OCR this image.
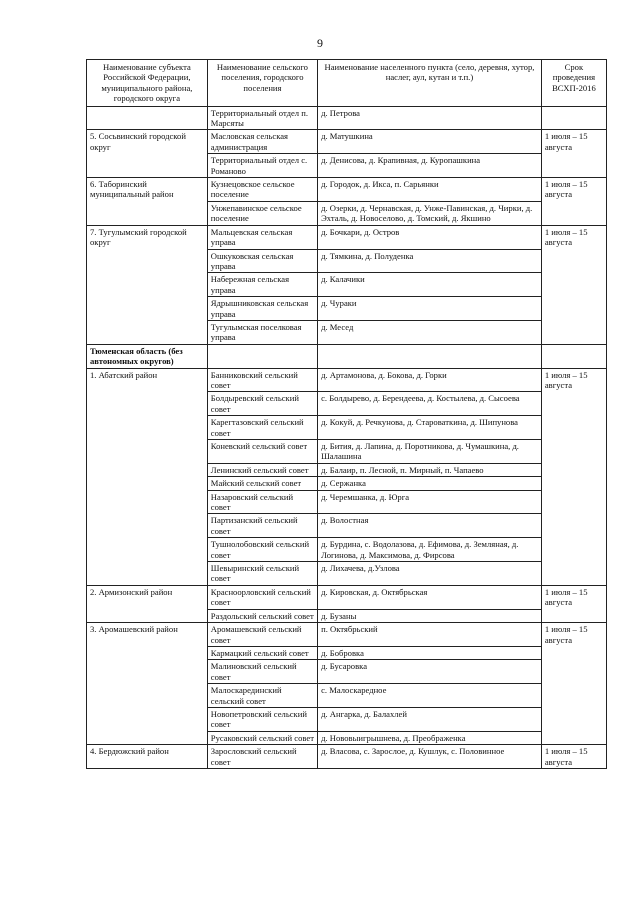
9
Наименование субъекта Российской Федерации, муниципального района, городского округа	Наименование сельского поселения, городского поселения	Наименование населенного пункта (село, деревня, хутор, наслег, аул, кутан и т.п.)	Срок проведения ВСХП-2016
	Территориальный отдел п. Марсяты	д. Петрова	
5. Сосьвинский городской округ	Масловская сельская администрация	д. Матушкина	1 июля – 15 августа
	Территориальный отдел с. Романово	д. Денисова, д. Крапивная, д. Куропашкина	
6. Таборинский муниципальный район	Кузнецовское сельское поселение	д. Городок, д. Икса, п. Сарьянки	1 июля – 15 августа
	Унжепавинское сельское поселение	д. Озерки, д. Чернавская, д. Унже-Павинская, д. Чирки, д. Эхталь, д. Новоселово, д. Томский, д. Якшино	
7. Тугулымский городской округ	Мальцевская сельская управа	д. Бочкари, д. Остров	1 июля – 15 августа
	Ошкуковская сельская управа	д. Тямкина, д. Полуденка	
	Набережная сельская управа	д. Калачики	
	Ядрышниковская сельская управа	д. Чураки	
	Тугулымская поселковая управа	д. Месед	
Тюменская область (без автономных округов)			
1. Абатский район	Банниковский сельский совет	д. Артамонова, д. Бокова, д. Горки	1 июля – 15 августа
	Болдыревский сельский совет	с. Болдырево, д. Берендеева, д. Костылева, д. Сысоева	
	Карегтазовский сельский совет	д. Кокуй, д. Речкунова, д. Староваткина, д. Шипунова	
	Коневский сельский совет	д. Бития, д. Лапина, д. Поротникова, д. Чумашкина, д. Шалашина	
	Ленинский сельский совет	д. Балаир, п. Лесной, п. Мирный, п. Чапаево	
	Майский сельский совет	д. Сержанка	
	Назаровский сельский совет	д. Черемшанка, д. Юрга	
	Партизанский сельский совет	д. Волостная	
	Тушнолобовский сельский совет	д. Бурдина, с. Водолазова, д. Ефимова, д. Земляная, д. Логинова, д. Максимова, д. Фирсова	
	Шевыринский сельский совет	д. Лихачева, д.Узлова	
2. Армизонский район	Красноорловский сельский совет	д. Кировская, д. Октябрьская	1 июля – 15 августа
	Раздольский сельский совет	д. Бузаны	
3. Аромашевский район	Аромашевский сельский совет	п. Октябрьский	1 июля – 15 августа
	Кармацкий сельский совет	д. Бобровка	
	Малиновский сельский совет	д. Бусаровка	
	Малоскарединский сельский совет	с. Малоскаредное	
	Новопетровский сельский совет	д. Ангарка, д. Балахлей	
	Русаковский сельский совет	д. Нововыигрышнева, д. Преображенка	
4. Бердюжский район	Зарословский сельский совет	д. Власова, с. Зарослое, д. Кушлук, с. Половинное	1 июля – 15 августа
